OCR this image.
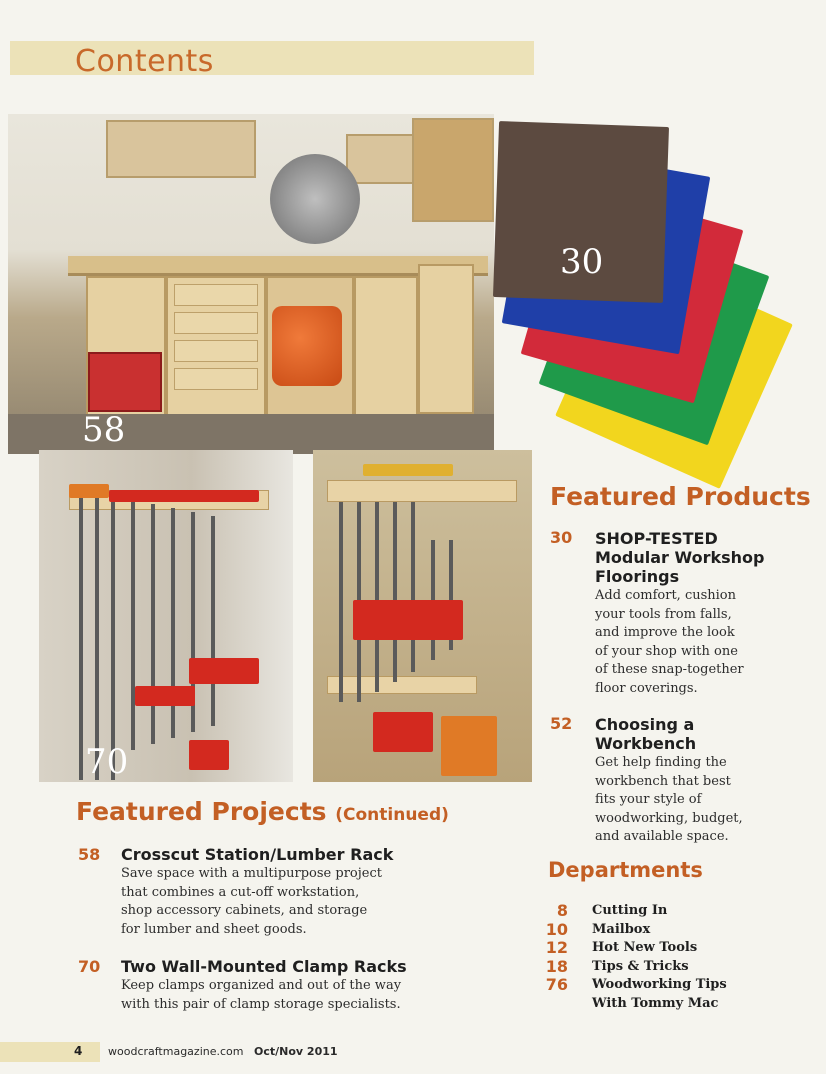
Contents
58
30
70
Featured Products
30 SHOP-TESTED
Modular Workshop
Floorings
Add comfort, cushion
your tools from falls,
and improve the look
of your shop with one
of these snap-together
floor coverings.
52 Choosing a
Workbench
Get help finding the
workbench that best
fits your style of
woodworking, budget,
and available space.
Featured Projects (Continued)
58 Crosscut Station/Lumber Rack
Save space with a multipurpose project
that combines a cut-off workstation,
shop accessory cabinets, and storage
for lumber and sheet goods.
70 Two Wall-Mounted Clamp Racks
Keep clamps organized and out of the way
with this pair of clamp storage specialists.
Departments
8 Cutting In
10 Mailbox
12 Hot New Tools
18 Tips & Tricks
76 Woodworking Tips
With Tommy Mac
4 woodcraftmagazine.com Oct/Nov 2011
